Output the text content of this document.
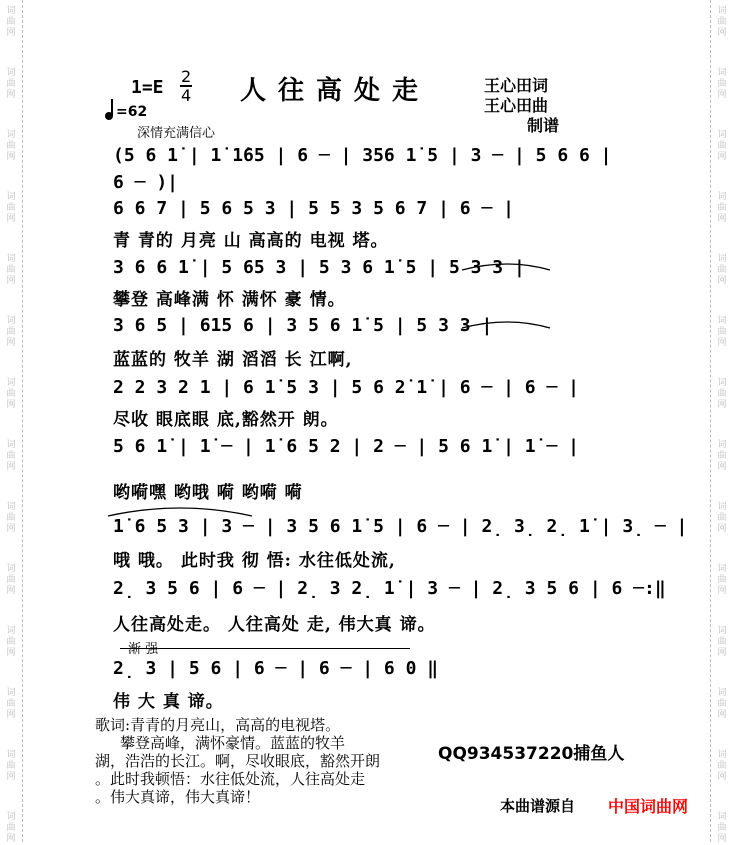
词
曲
网
词
曲
网
词
曲
网
词
曲
网
词
曲
网
词
曲
网
词
曲
网
词
曲
网
词
曲
网
词
曲
网
词
曲
网
词
曲
网
词
曲
网
词
曲
网
词
曲
网
词
曲
网
词
曲
网
词
曲
网
词
曲
网
词
曲
网
词
曲
网
词
曲
网
词
曲
网
词
曲
网
词
曲
网
词
曲
网
词
曲
网
词
曲
网
$1=E \frac{2}{4}$ 人往高处走	王心田词
王心田曲
制谱
=62
深情充满信心
(5 6 1̇ | 1̇ 1̇65 | 6 ─ | 356 1̇ 5 | 3 ─ | 5 6 6 |
6 ─ )|
6 6 7 | 5 6 5 3 | 5 5 3 5 6 7 | 6 ─ |
青 青的 月亮 山 高高的 电视 塔。
3 6 6 1̇ | 5 65 3 | 5 3 6 1̇ 5 | 5 3 3 |
攀登 高峰满 怀 满怀 豪 情。
3 6 5 | 615 6 | 3 5 6 1̇ 5 | 5 3 3 |
蓝蓝的 牧羊 湖 滔滔 长 江啊,
2 2 3 2 1 | 6 1̇ 5 3 | 5 6 2̇ 1̇ | 6 ─ | 6 ─ |
尽收 眼底眼 底,豁然开 朗。
5 6 1̇ | 1̇ ─ | 1̇ 6 5 2 | 2 ─ | 5 6 1̇ | 1̇ ─ |
哟嗬嘿 哟哦 嗬 哟嗬 嗬
1̇ 6 5 3 | 3 ─ | 3 5 6 1̇ 5 | 6 ─ | 2̣ 3̣ 2̣ 1̇ | 3̣ ─ |
哦 哦。 此时我 彻 悟: 水往低处流,
2̣ 3 5 6 | 6 ─ | 2̣ 3 2̣ 1̇ | 3 ─ | 2̣ 3 5 6 | 6 ─:‖
人往高处走。 人往高处 走, 伟大真 谛。
渐 强
2̣ 3 | 5 6 | 6 ─ | 6 ─ | 6 0 ‖
伟 大 真 谛。
歌词:青青的月亮山，高高的电视塔。
攀登高峰，满怀豪情。蓝蓝的牧羊
湖，浩浩的长江。啊，尽收眼底，豁然开朗
。此时我顿悟：水往低处流，人往高处走
。伟大真谛，伟大真谛！
QQ934537220捕鱼人
本曲谱源自 中国词曲网
